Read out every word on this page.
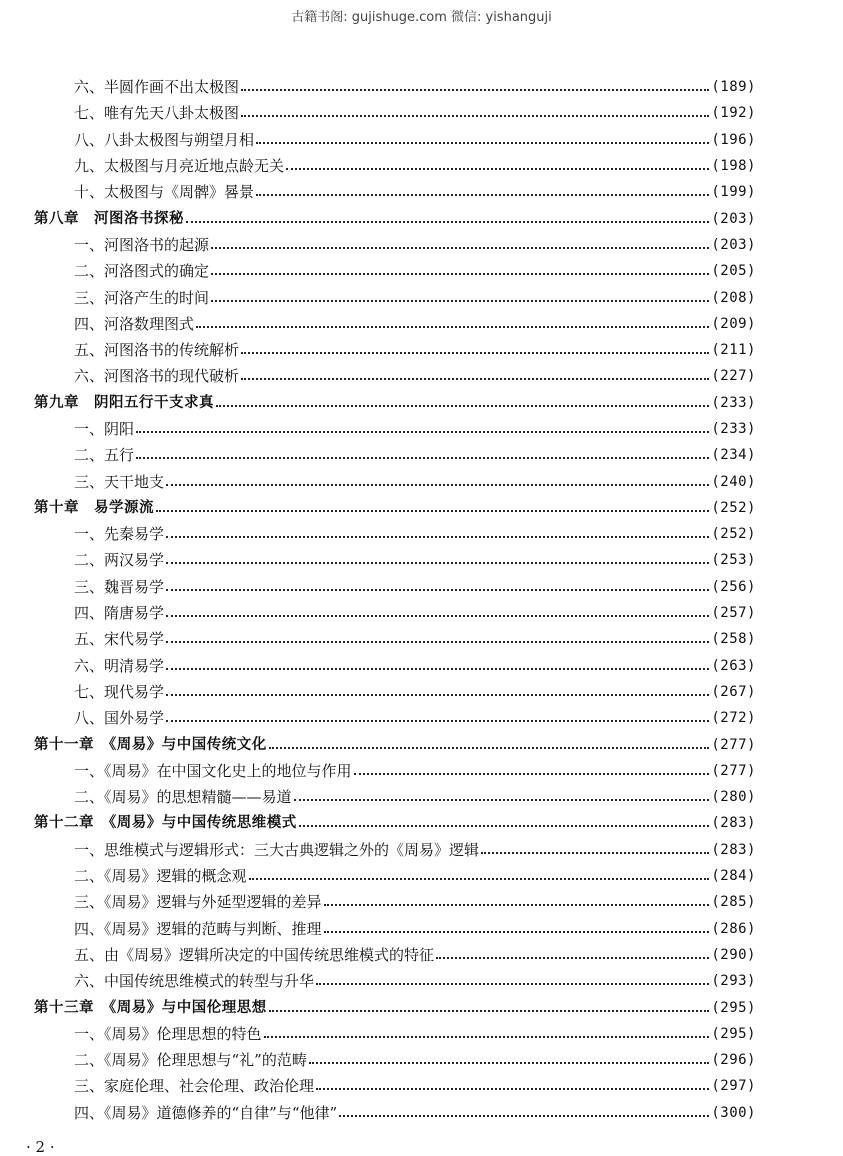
古籍书阁: gujishuge.com 微信: yishanguji
六、半圆作画不出太极图	(189)
七、唯有先天八卦太极图	(192)
八、八卦太极图与朔望月相	(196)
九、太极图与月亮近地点龄无关	(198)
十、太极图与《周髀》晷景	(199)
第八章　河图洛书探秘	(203)
一、河图洛书的起源	(203)
二、河洛图式的确定	(205)
三、河洛产生的时间	(208)
四、河洛数理图式	(209)
五、河图洛书的传统解析	(211)
六、河图洛书的现代破析	(227)
第九章　阴阳五行干支求真	(233)
一、阴阳	(233)
二、五行	(234)
三、天干地支	(240)
第十章　易学源流	(252)
一、先秦易学	(252)
二、两汉易学	(253)
三、魏晋易学	(256)
四、隋唐易学	(257)
五、宋代易学	(258)
六、明清易学	(263)
七、现代易学	(267)
八、国外易学	(272)
第十一章　《周易》与中国传统文化	(277)
一、《周易》在中国文化史上的地位与作用	(277)
二、《周易》的思想精髓——易道	(280)
第十二章　《周易》与中国传统思维模式	(283)
一、思维模式与逻辑形式：三大古典逻辑之外的《周易》逻辑	(283)
二、《周易》逻辑的概念观	(284)
三、《周易》逻辑与外延型逻辑的差异	(285)
四、《周易》逻辑的范畴与判断、推理	(286)
五、由《周易》逻辑所决定的中国传统思维模式的特征	(290)
六、中国传统思维模式的转型与升华	(293)
第十三章　《周易》与中国伦理思想	(295)
一、《周易》伦理思想的特色	(295)
二、《周易》伦理思想与“礼”的范畴	(296)
三、家庭伦理、社会伦理、政治伦理	(297)
四、《周易》道德修养的“自律”与“他律”	(300)
· 2 ·
